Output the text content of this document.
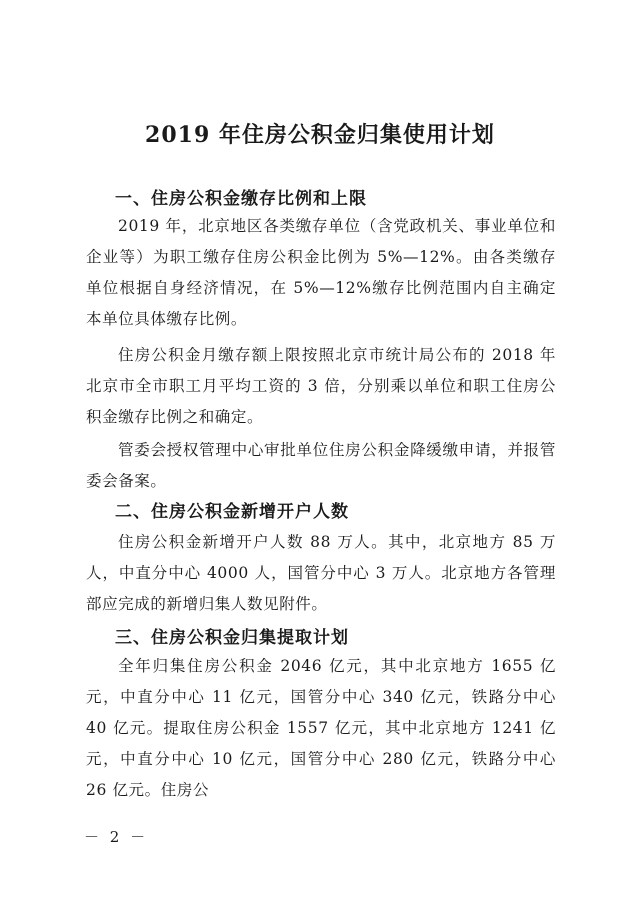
2019 年住房公积金归集使用计划
一、住房公积金缴存比例和上限
2019 年，北京地区各类缴存单位（含党政机关、事业单位和企业等）为职工缴存住房公积金比例为 5%—12%。由各类缴存单位根据自身经济情况，在 5%—12%缴存比例范围内自主确定本单位具体缴存比例。
住房公积金月缴存额上限按照北京市统计局公布的 2018 年北京市全市职工月平均工资的 3 倍，分别乘以单位和职工住房公积金缴存比例之和确定。
管委会授权管理中心审批单位住房公积金降缓缴申请，并报管委会备案。
二、住房公积金新增开户人数
住房公积金新增开户人数 88 万人。其中，北京地方 85 万人，中直分中心 4000 人，国管分中心 3 万人。北京地方各管理部应完成的新增归集人数见附件。
三、住房公积金归集提取计划
全年归集住房公积金 2046 亿元，其中北京地方 1655 亿元，中直分中心 11 亿元，国管分中心 340 亿元，铁路分中心 40 亿元。提取住房公积金 1557 亿元，其中北京地方 1241 亿元，中直分中心 10 亿元，国管分中心 280 亿元，铁路分中心 26 亿元。住房公
－ 2 －
